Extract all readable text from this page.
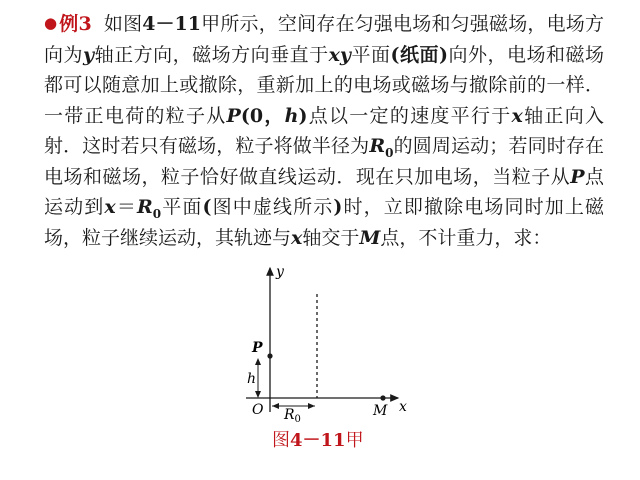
● 例3 如图4－11甲所示，空间存在匀强电场和匀强磁场，电场方向为y轴正方向，磁场方向垂直于xy平面(纸面)向外，电场和磁场都可以随意加上或撤除，重新加上的电场或磁场与撤除前的一样．一带正电荷的粒子从P(0，h)点以一定的速度平行于x轴正向入射．这时若只有磁场，粒子将做半径为$R_0$的圆周运动；若同时存在电场和磁场，粒子恰好做直线运动．现在只加电场，当粒子从P点运动到$x=R_0$平面(图中虚线所示)时，立即撤除电场同时加上磁场，粒子继续运动，其轨迹与x轴交于M点，不计重力，求：

y
x
O
P
h
$R_0$
M
图4－11甲
